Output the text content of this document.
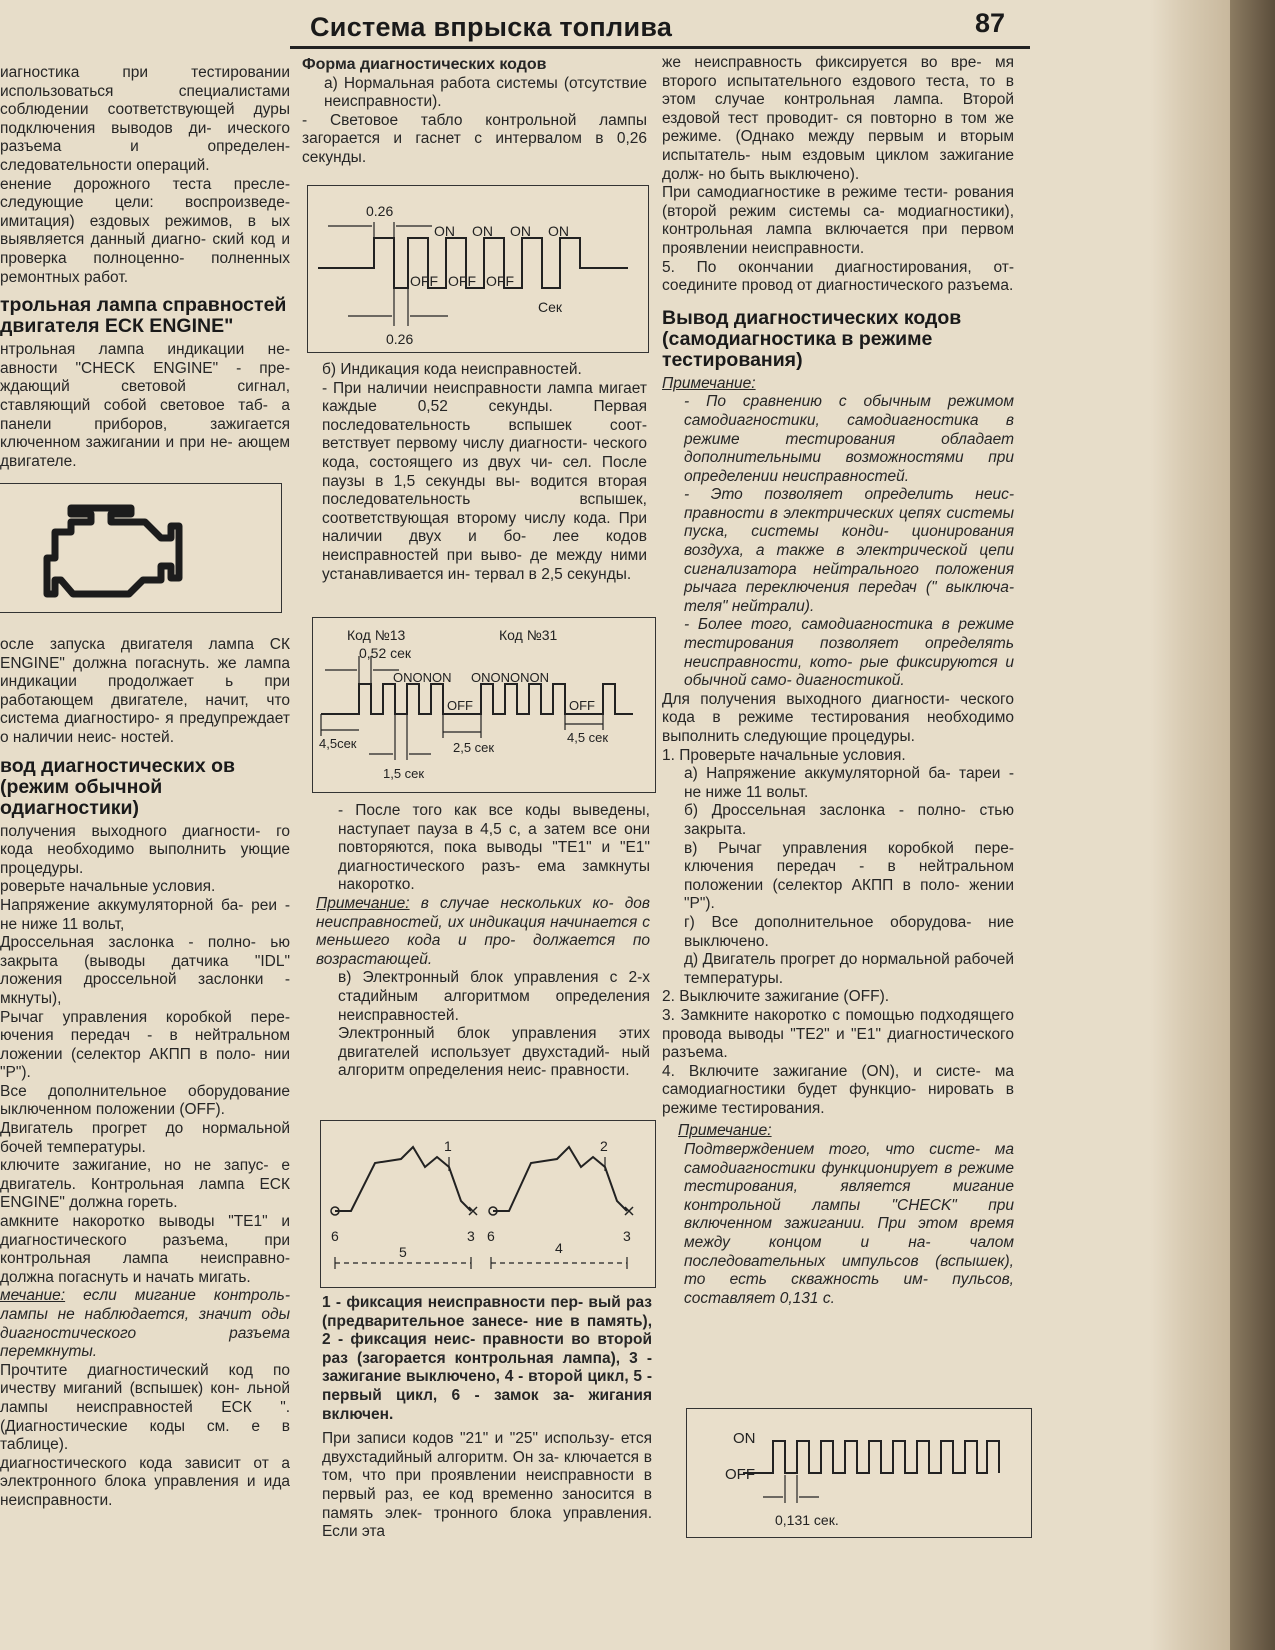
Система впрыска топлива	87

иагностика при тестировании использоваться специалистами соблюдении соответствующей дуры подключения выводов ди- ического разъема и определен- следовательности операций.

енение дорожного теста пресле- следующие цели: воспроизведе- имитация) ездовых режимов, в ых выявляется данный диагно- ский код и проверка полноценно- полненных ремонтных работ.

трольная лампа справностей двигателя ЕСК ENGINE"

нтрольная лампа индикации не- авности "CHECK ENGINE" - пре- ждающий световой сигнал, ставляющий собой световое таб- а панели приборов, зажигается ключенном зажигании и при не- ающем двигателе.

осле запуска двигателя лампа СК ENGINE" должна погаснуть. же лампа индикации продолжает ь при работающем двигателе, начит, что система диагностиро- я предупреждает о наличии неис- ностей.

вод диагностических ов (режим обычной одиагностики)

получения выходного диагности- го кода необходимо выполнить ующие процедуры.

роверьте начальные условия.

Напряжение аккумуляторной ба- реи - не ниже 11 вольт,

Дроссельная заслонка - полно- ью закрыта (выводы датчика "IDL" ложения дроссельной заслонки - мкнуты),

Рычаг управления коробкой пере- ючения передач - в нейтральном ложении (селектор АКПП в поло- нии "Р").

Все дополнительное оборудование ыключенном положении (OFF).

Двигатель прогрет до нормальной бочей температуры.

ключите зажигание, но не запус- е двигатель. Контрольная лампа ЕСК ENGINE" должна гореть.

амкните накоротко выводы "ТЕ1" и диагностического разъема, при контрольная лампа неисправно- должна погаснуть и начать мигать.

мечание: если мигание контроль- лампы не наблюдается, значит оды диагностического разъема перемкнуты.

Прочтите диагностический код по ичеству миганий (вспышек) кон- льной лампы неисправностей ЕСК ". (Диагностические коды см. е в таблице).

диагностического кода зависит от а электронного блока управления и ида неисправности.

Форма диагностических кодов

а) Нормальная работа системы (отсутствие неисправности).

- Световое табло контрольной лампы загорается и гаснет с интервалом в 0,26 секунды.

0.26
0.26
ON ON ON ON
OFF OFF OFF
Сек

б) Индикация кода неисправностей.

- При наличии неисправности лампа мигает каждые 0,52 секунды. Первая последовательность вспышек соот- ветствует первому числу диагности- ческого кода, состоящего из двух чи- сел. После паузы в 1,5 секунды вы- водится вторая последовательность вспышек, соответствующая второму числу кода. При наличии двух и бо- лее кодов неисправностей при выво- де между ними устанавливается ин- тервал в 2,5 секунды.

Код №13	Код №31
0,52 сек
ONONON ONONONON
OFF	OFF
4,5сек	2,5 сек
4,5 сек
1,5 сек

- После того как все коды выведены, наступает пауза в 4,5 с, а затем все они повторяются, пока выводы "ТЕ1" и "Е1" диагностического разъ- ема замкнуты накоротко.

Примечание: в случае нескольких ко- дов неисправностей, их индикация начинается с меньшего кода и про- должается по возрастающей.

в) Электронный блок управления с 2-х стадийным алгоритмом определения неисправностей.

Электронный блок управления этих двигателей использует двухстадий- ный алгоритм определения неис- правности.

1	2
6	3 6	3
5	4

1 - фиксация неисправности пер- вый раз (предварительное занесе- ние в память), 2 - фиксация неис- правности во второй раз (загорается контрольная лампа), 3 - зажигание выключено, 4 - второй цикл, 5 - первый цикл, 6 - замок за- жигания включен.

При записи кодов "21" и "25" использу- ется двухстадийный алгоритм. Он за- ключается в том, что при проявлении неисправности в первый раз, ее код временно заносится в память элек- тронного блока управления. Если эта

же неисправность фиксируется во вре- мя второго испытательного ездового теста, то в этом случае контрольная лампа. Второй ездовой тест проводит- ся повторно в том же режиме. (Однако между первым и вторым испытатель- ным ездовым циклом зажигание долж- но быть выключено).

При самодиагностике в режиме тести- рования (второй режим системы са- модиагностики), контрольная лампа включается при первом проявлении неисправности.

5. По окончании диагностирования, от- соедините провод от диагностического разъема.

Вывод диагностических кодов (самодиагностика в режиме тестирования)

Примечание:

- По сравнению с обычным режимом самодиагностики, самодиагностика в режиме тестирования обладает дополнительными возможностями при определении неисправностей.

- Это позволяет определить неис- правности в электрических цепях системы пуска, системы конди- ционирования воздуха, а также в электрической цепи сигнализатора нейтрального положения рычага переключения передач (" выключа- теля" нейтрали).

- Более того, самодиагностика в режиме тестирования позволяет определять неисправности, кото- рые фиксируются и обычной само- диагностикой.

Для получения выходного диагности- ческого кода в режиме тестирования необходимо выполнить следующие процедуры.

1. Проверьте начальные условия.

а) Напряжение аккумуляторной ба- тареи - не ниже 11 вольт.

б) Дроссельная заслонка - полно- стью закрыта.

в) Рычаг управления коробкой пере- ключения передач - в нейтральном положении (селектор АКПП в поло- жении "Р").

г) Все дополнительное оборудова- ние выключено.

д) Двигатель прогрет до нормальной рабочей температуры.

2. Выключите зажигание (OFF).

3. Замкните накоротко с помощью подходящего провода выводы "ТЕ2" и "Е1" диагностического разъема.

4. Включите зажигание (ON), и систе- ма самодиагностики будет функцио- нировать в режиме тестирования.

Примечание:

Подтверждением того, что систе- ма самодиагностики функционирует в режиме тестирования, является мигание контрольной лампы "CHECK" при включенном зажигании. При этом время между концом и на- чалом последовательных импульсов (вспышек), то есть скважность им- пульсов, составляет 0,131 с.

ON
OFF
0,131 сек.
